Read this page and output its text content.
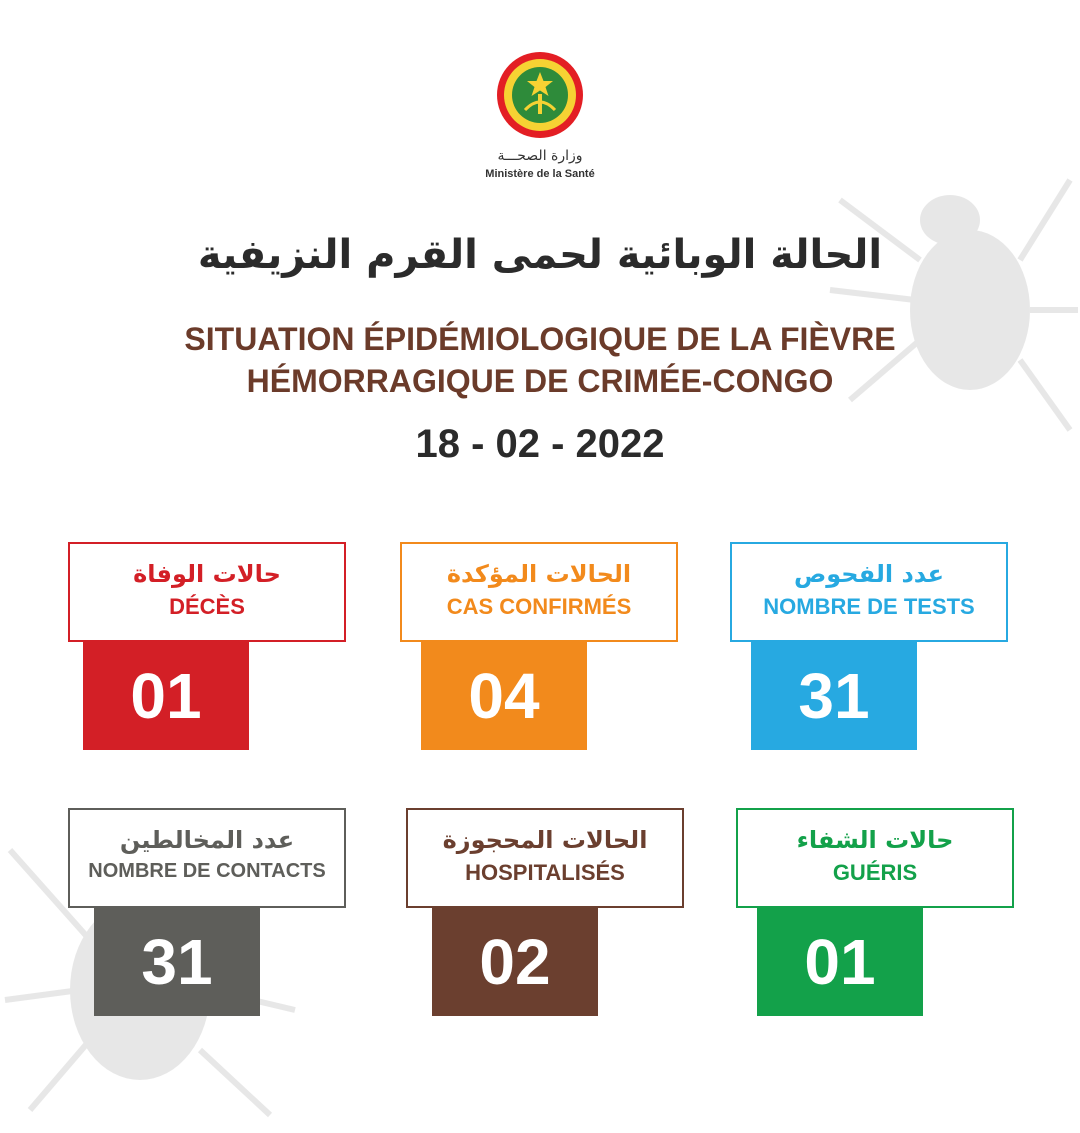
وزارة الصحـــة
Ministère de la Santé
الحالة الوبائية لحمى القرم النزيفية
SITUATION ÉPIDÉMIOLOGIQUE DE LA FIÈVRE
HÉMORRAGIQUE DE CRIMÉE-CONGO
18 - 02 - 2022
حالات الوفاة
DÉCÈS
01
الحالات المؤكدة
CAS CONFIRMÉS
04
عدد الفحوص
NOMBRE DE TESTS
31
عدد المخالطين
NOMBRE DE CONTACTS
31
الحالات المحجوزة
HOSPITALISÉS
02
حالات الشفاء
GUÉRIS
01
